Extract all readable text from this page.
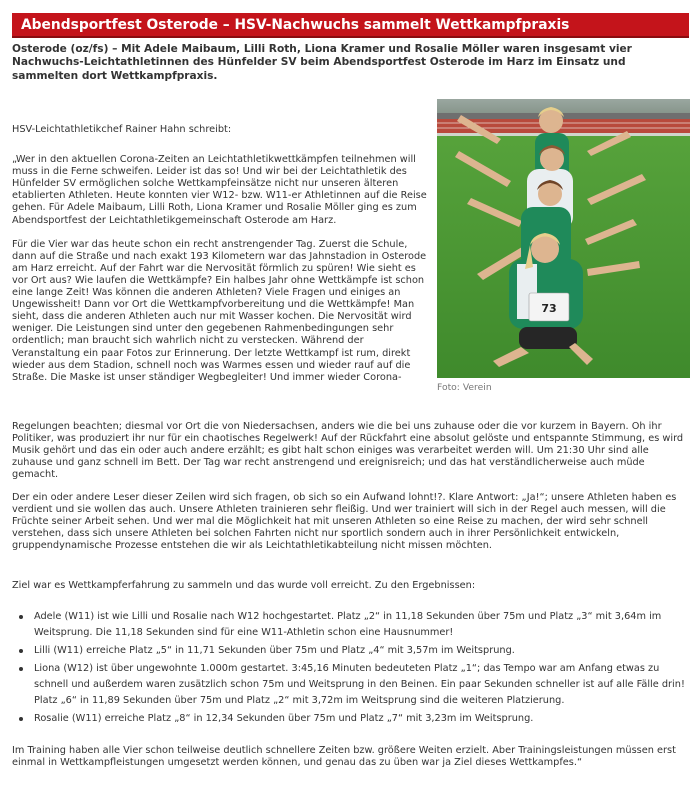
Abendsportfest Osterode – HSV-Nachwuchs sammelt Wettkampfpraxis

Osterode (oz/fs) – Mit Adele Maibaum, Lilli Roth, Liona Kramer und Rosalie Möller waren insgesamt vier Nachwuchs-Leichtathletinnen des Hünfelder SV beim Abendsportfest Osterode im Harz im Einsatz und sammelten dort Wettkampfpraxis.

73
Foto: Verein

HSV-Leichtathletikchef Rainer Hahn schreibt:

„Wer in den aktuellen Corona-Zeiten an Leichtathletikwettkämpfen teilnehmen will muss in die Ferne schweifen. Leider ist das so! Und wir bei der Leichtathletik des Hünfelder SV ermöglichen solche Wettkampfeinsätze nicht nur unseren älteren etablierten Athleten. Heute konnten vier W12- bzw. W11-er Athletinnen auf die Reise gehen. Für Adele Maibaum, Lilli Roth, Liona Kramer und Rosalie Möller ging es zum Abendsportfest der Leichtathletikgemeinschaft Osterode am Harz.

Für die Vier war das heute schon ein recht anstrengender Tag. Zuerst die Schule, dann auf die Straße und nach exakt 193 Kilometern war das Jahnstadion in Osterode am Harz erreicht. Auf der Fahrt war die Nervosität förmlich zu spüren! Wie sieht es vor Ort aus? Wie laufen die Wettkämpfe? Ein halbes Jahr ohne Wettkämpfe ist schon eine lange Zeit! Was können die anderen Athleten? Viele Fragen und einiges an Ungewissheit! Dann vor Ort die Wettkampfvorbereitung und die Wettkämpfe! Man sieht, dass die anderen Athleten auch nur mit Wasser kochen. Die Nervosität wird weniger. Die Leistungen sind unter den gegebenen Rahmenbedingungen sehr ordentlich; man braucht sich wahrlich nicht zu verstecken. Während der Veranstaltung ein paar Fotos zur Erinnerung. Der letzte Wettkampf ist rum, direkt wieder aus dem Stadion, schnell noch was Warmes essen und wieder rauf auf die Straße. Die Maske ist unser ständiger Wegbegleiter! Und immer wieder Corona-

Regelungen beachten; diesmal vor Ort die von Niedersachsen, anders wie die bei uns zuhause oder die vor kurzem in Bayern. Oh ihr Politiker, was produziert ihr nur für ein chaotisches Regelwerk! Auf der Rückfahrt eine absolut gelöste und entspannte Stimmung, es wird Musik gehört und das ein oder auch andere erzählt; es gibt halt schon einiges was verarbeitet werden will. Um 21:30 Uhr sind alle zuhause und ganz schnell im Bett. Der Tag war recht anstrengend und ereignisreich; und das hat verständlicherweise auch müde gemacht.

Der ein oder andere Leser dieser Zeilen wird sich fragen, ob sich so ein Aufwand lohnt!?. Klare Antwort: „Ja!“; unsere Athleten haben es verdient und sie wollen das auch. Unsere Athleten trainieren sehr fleißig. Und wer trainiert will sich in der Regel auch messen, will die Früchte seiner Arbeit sehen. Und wer mal die Möglichkeit hat mit unseren Athleten so eine Reise zu machen, der wird sehr schnell verstehen, dass sich unsere Athleten bei solchen Fahrten nicht nur sportlich sondern auch in ihrer Persönlichkeit entwickeln, gruppendynamische Prozesse entstehen die wir als Leichtathletikabteilung nicht missen möchten.

Ziel war es Wettkampferfahrung zu sammeln und das wurde voll erreicht. Zu den Ergebnissen:

Adele (W11) ist wie Lilli und Rosalie nach W12 hochgestartet. Platz „2“ in 11,18 Sekunden über 75m und Platz „3“ mit 3,64m im Weitsprung. Die 11,18 Sekunden sind für eine W11-Athletin schon eine Hausnummer!
Lilli (W11) erreiche Platz „5“ in 11,71 Sekunden über 75m und Platz „4“ mit 3,57m im Weitsprung.
Liona (W12) ist über ungewohnte 1.000m gestartet. 3:45,16 Minuten bedeuteten Platz „1“; das Tempo war am Anfang etwas zu schnell und außerdem waren zusätzlich schon 75m und Weitsprung in den Beinen. Ein paar Sekunden schneller ist auf alle Fälle drin! Platz „6“ in 11,89 Sekunden über 75m und Platz „2“ mit 3,72m im Weitsprung sind die weiteren Platzierung.
Rosalie (W11) erreiche Platz „8“ in 12,34 Sekunden über 75m und Platz „7“ mit 3,23m im Weitsprung.

Im Training haben alle Vier schon teilweise deutlich schnellere Zeiten bzw. größere Weiten erzielt. Aber Trainingsleistungen müssen erst einmal in Wettkampfleistungen umgesetzt werden können, und genau das zu üben war ja Ziel dieses Wettkampfes.“
